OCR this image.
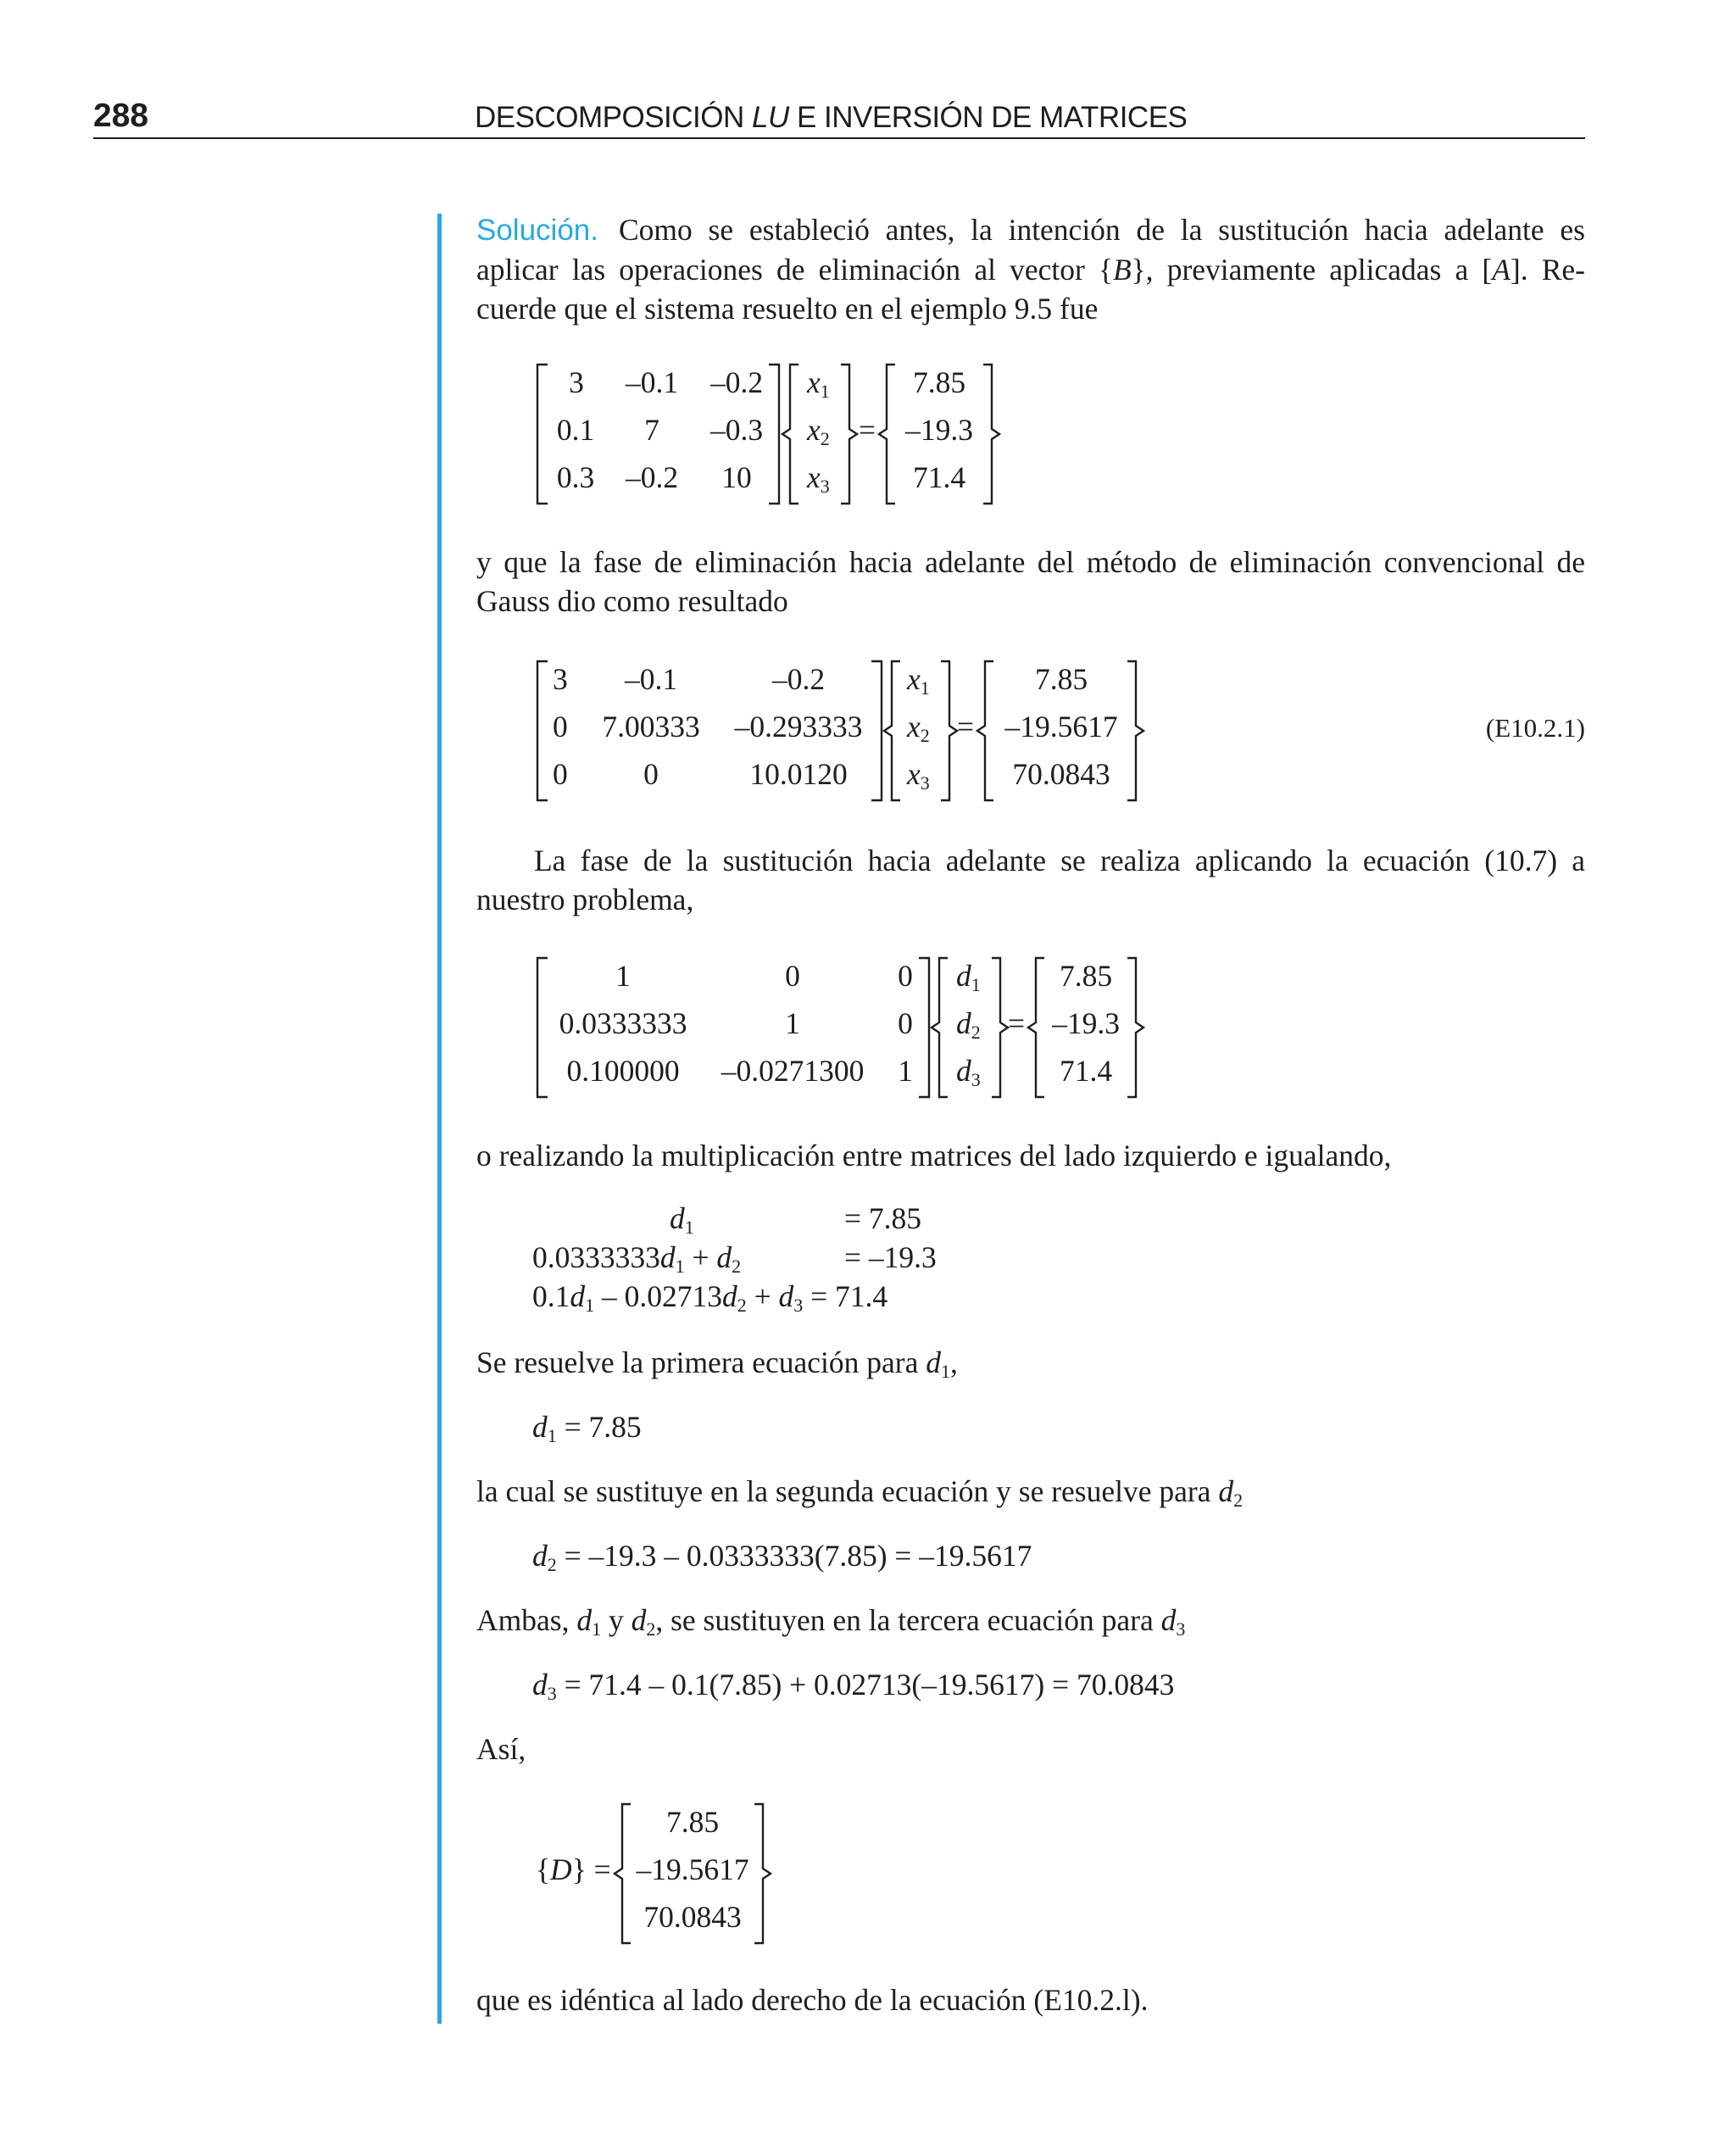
288	DESCOMPOSICIÓN LU E INVERSIÓN DE MATRICES
Solución. Como se estableció antes, la intención de la sustitución hacia adelante es
aplicar las operaciones de eliminación al vector {B}, previamente aplicadas a [A]. Re-
cuerde que el sistema resuelto en el ejemplo 9.5 fue
3	–0.1 –0.2
0.1	7	–0.3
0.3 –0.2	10
$x_1$
$x_2$
$x_3$
=
7.85
–19.3
71.4
y que la fase de eliminación hacia adelante del método de eliminación convencional de
Gauss dio como resultado
3	–0.1	–0.2
0 7.00333 –0.293333
0	0	10.0120
$x_1$
$x_2$
$x_3$
=
7.85
–19.5617
70.0843
(E10.2.1)
La fase de la sustitución hacia adelante se realiza aplicando la ecuación (10.7) a
nuestro problema,
1	0	0
0.0333333	1	0
0.100000	–0.0271300	1
$d_1$
$d_2$
$d_3$
=
7.85
–19.3
71.4
o realizando la multiplicación entre matrices del lado izquierdo e igualando,
$d_1$	= 7.85
$0.0333333d_1 + d_2$	= –19.3
$0.1d_1 - 0.02713d_2 + d_3 = 71.4$
Se resuelve la primera ecuación para $d_1$,
$d_1 = 7.85$
la cual se sustituye en la segunda ecuación y se resuelve para $d_2$
$d_2 = -19.3 - 0.0333333(7.85) = -19.5617$
Ambas, $d_1$ y $d_2$, se sustituyen en la tercera ecuación para $d_3$
$d_3 = 71.4 - 0.1(7.85) + 0.02713(-19.5617) = 70.0843$
Así,
{D} =
7.85
–19.5617
70.0843
que es idéntica al lado derecho de la ecuación (E10.2.l).
